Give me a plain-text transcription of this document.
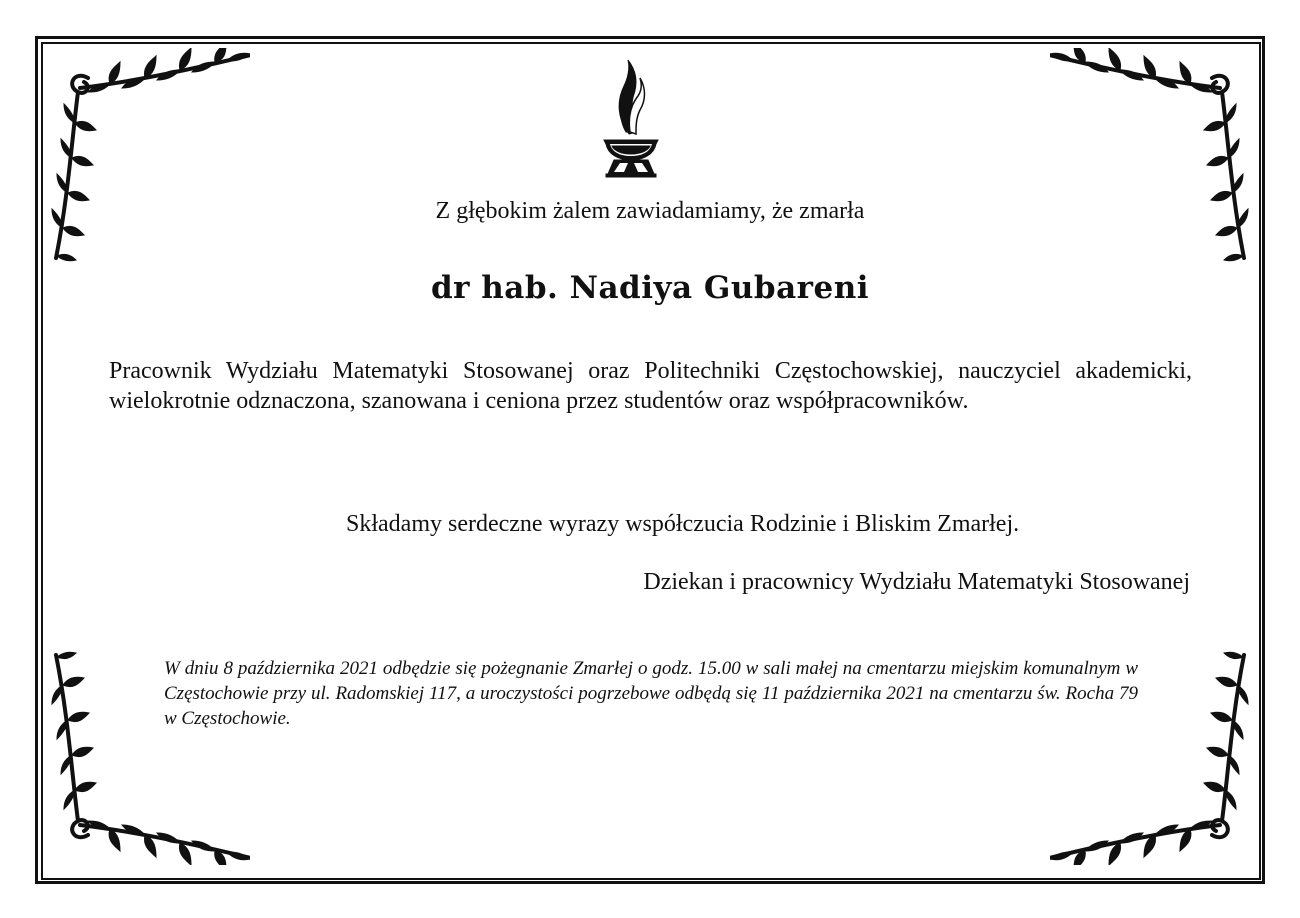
Z głębokim żalem zawiadamiamy, że zmarła
dr hab. Nadiya Gubareni
Pracownik Wydziału Matematyki Stosowanej oraz Politechniki Częstochowskiej, nauczyciel akademicki, wielokrotnie odznaczona, szanowana i ceniona przez studentów oraz współpracowników.
Składamy serdeczne wyrazy współczucia Rodzinie i Bliskim Zmarłej.
Dziekan i pracownicy Wydziału Matematyki Stosowanej
W dniu 8 października 2021 odbędzie się pożegnanie Zmarłej o godz. 15.00 w sali małej na cmentarzu miejskim komunalnym w Częstochowie przy ul. Radomskiej 117, a uroczystości pogrzebowe odbędą się 11 października 2021 na cmentarzu św. Rocha 79 w Częstochowie.
